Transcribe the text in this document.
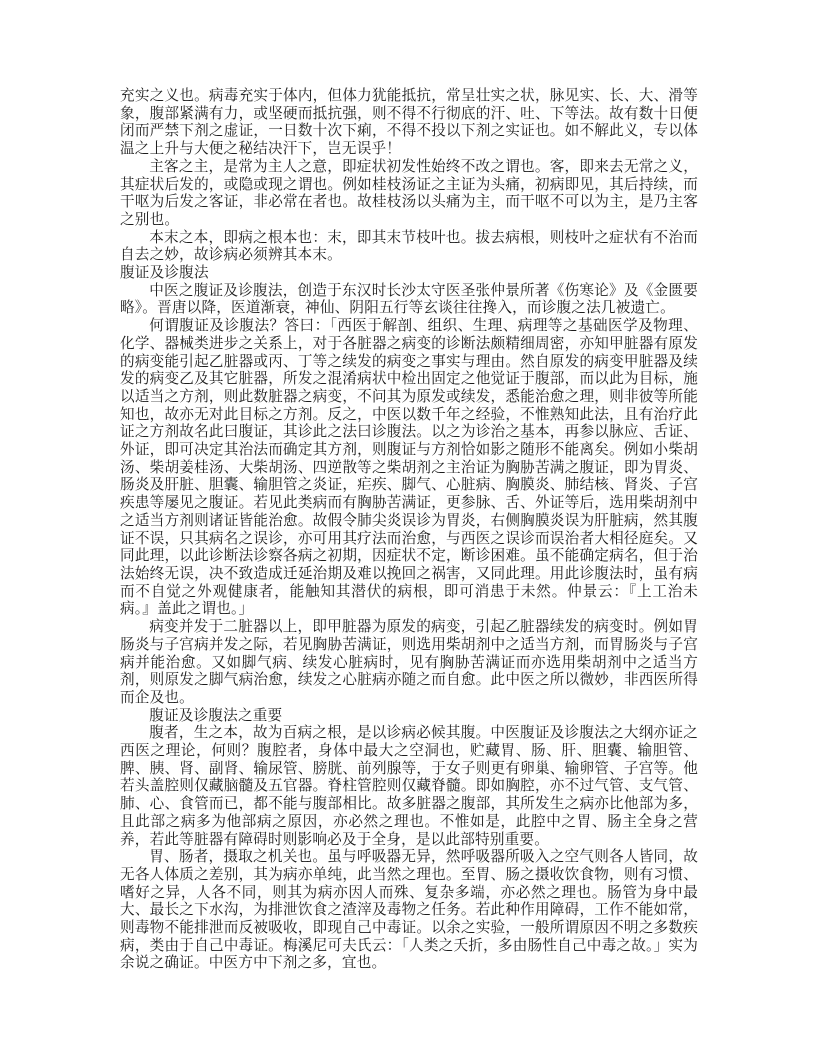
充实之义也。病毒充实于体内，但体力犹能抵抗，常呈壮实之状，脉见实、长、大、滑等象，腹部紧满有力，或坚硬而抵抗强，则不得不行彻底的汗、吐、下等法。故有数十日便闭而严禁下剂之虚证，一日数十次下痢，不得不投以下剂之实证也。如不解此义，专以体温之上升与大便之秘结决汗下，岂无误乎！

主客之主，是常为主人之意，即症状初发性始终不改之谓也。客，即来去无常之义，其症状后发的，或隐或现之谓也。例如桂枝汤证之主证为头痛，初病即见，其后持续，而干呕为后发之客证，非必常在者也。故桂枝汤以头痛为主，而干呕不可以为主，是乃主客之别也。

本末之本，即病之根本也：末，即其末节枝叶也。拔去病根，则枝叶之症状有不治而自去之妙，故诊病必须辨其本末。

腹证及诊腹法

中医之腹证及诊腹法，创造于东汉时长沙太守医圣张仲景所著《伤寒论》及《金匮要略》。晋唐以降，医道渐衰，神仙、阴阳五行等玄谈往往搀入，而诊腹之法几被遗亡。

何谓腹证及诊腹法？答曰：「西医于解剖、组织、生理、病理等之基础医学及物理、化学、器械类进步之关系上，对于各脏器之病变的诊断法颇精细周密，亦知甲脏器有原发的病变能引起乙脏器或丙、丁等之续发的病变之事实与理由。然自原发的病变甲脏器及续发的病变乙及其它脏器，所发之混淆病状中检出固定之他觉证于腹部，而以此为目标，施以适当之方剂，则此数脏器之病变，不问其为原发或续发，悉能治愈之理，则非彼等所能知也，故亦无对此目标之方剂。反之，中医以数千年之经验，不惟熟知此法，且有治疗此证之方剂故名此曰腹证，其诊此之法曰诊腹法。以之为诊治之基本，再参以脉应、舌证、外证，即可决定其治法而确定其方剂，则腹证与方剂恰如影之随形不能离矣。例如小柴胡汤、柴胡姜桂汤、大柴胡汤、四逆散等之柴胡剂之主治证为胸胁苦满之腹证，即为胃炎、肠炎及肝脏、胆囊、输胆管之炎证，疟疾、脚气、心脏病、胸膜炎、肺结核、肾炎、子宫疾患等屡见之腹证。若见此类病而有胸胁苦满证，更参脉、舌、外证等后，选用柴胡剂中之适当方剂则诸证皆能治愈。故假令肺尖炎误诊为胃炎，右侧胸膜炎误为肝脏病，然其腹证不误，只其病名之误诊，亦可用其疗法而治愈，与西医之误诊而误治者大相径庭矣。又同此理，以此诊断法诊察各病之初期，因症状不定，断诊困难。虽不能确定病名，但于治法始终无误，决不致造成迁延治期及难以挽回之祸害，又同此理。用此诊腹法时，虽有病而不自觉之外观健康者，能触知其潜伏的病根，即可消患于未然。仲景云：『上工治未病。』盖此之谓也。」

病变并发于二脏器以上，即甲脏器为原发的病变，引起乙脏器续发的病变时。例如胃肠炎与子宫病并发之际，若见胸胁苦满证，则选用柴胡剂中之适当方剂，而胃肠炎与子宫病并能治愈。又如脚气病、续发心脏病时，见有胸胁苦满证而亦选用柴胡剂中之适当方剂，则原发之脚气病治愈，续发之心脏病亦随之而自愈。此中医之所以微妙，非西医所得而企及也。

腹证及诊腹法之重要

腹者，生之本，故为百病之根，是以诊病必候其腹。中医腹证及诊腹法之大纲亦证之西医之理论，何则？腹腔者，身体中最大之空洞也，贮藏胃、肠、肝、胆囊、输胆管、脾、胰、肾、副肾、输尿管、膀胱、前列腺等，于女子则更有卵巢、输卵管、子宫等。他若头盖腔则仅藏脑髓及五官器。脊柱管腔则仅藏脊髓。即如胸腔，亦不过气管、支气管、肺、心、食管而已，都不能与腹部相比。故多脏器之腹部，其所发生之病亦比他部为多，且此部之病多为他部病之原因，亦必然之理也。不惟如是，此腔中之胃、肠主全身之营养，若此等脏器有障碍时则影响必及于全身，是以此部特别重要。

胃、肠者，摄取之机关也。虽与呼吸器无异，然呼吸器所吸入之空气则各人皆同，故无各人体质之差别，其为病亦单纯，此当然之理也。至胃、肠之摄收饮食物，则有习惯、嗜好之异，人各不同，则其为病亦因人而殊、复杂多端，亦必然之理也。肠管为身中最大、最长之下水沟，为排泄饮食之渣滓及毒物之任务。若此种作用障碍，工作不能如常，则毒物不能排泄而反被吸收，即现自己中毒证。以余之实验，一般所谓原因不明之多数疾病，类由于自己中毒证。梅溪尼可夫氏云：「人类之夭折，多由肠性自己中毒之故。」实为余说之确证。中医方中下剂之多，宜也。
